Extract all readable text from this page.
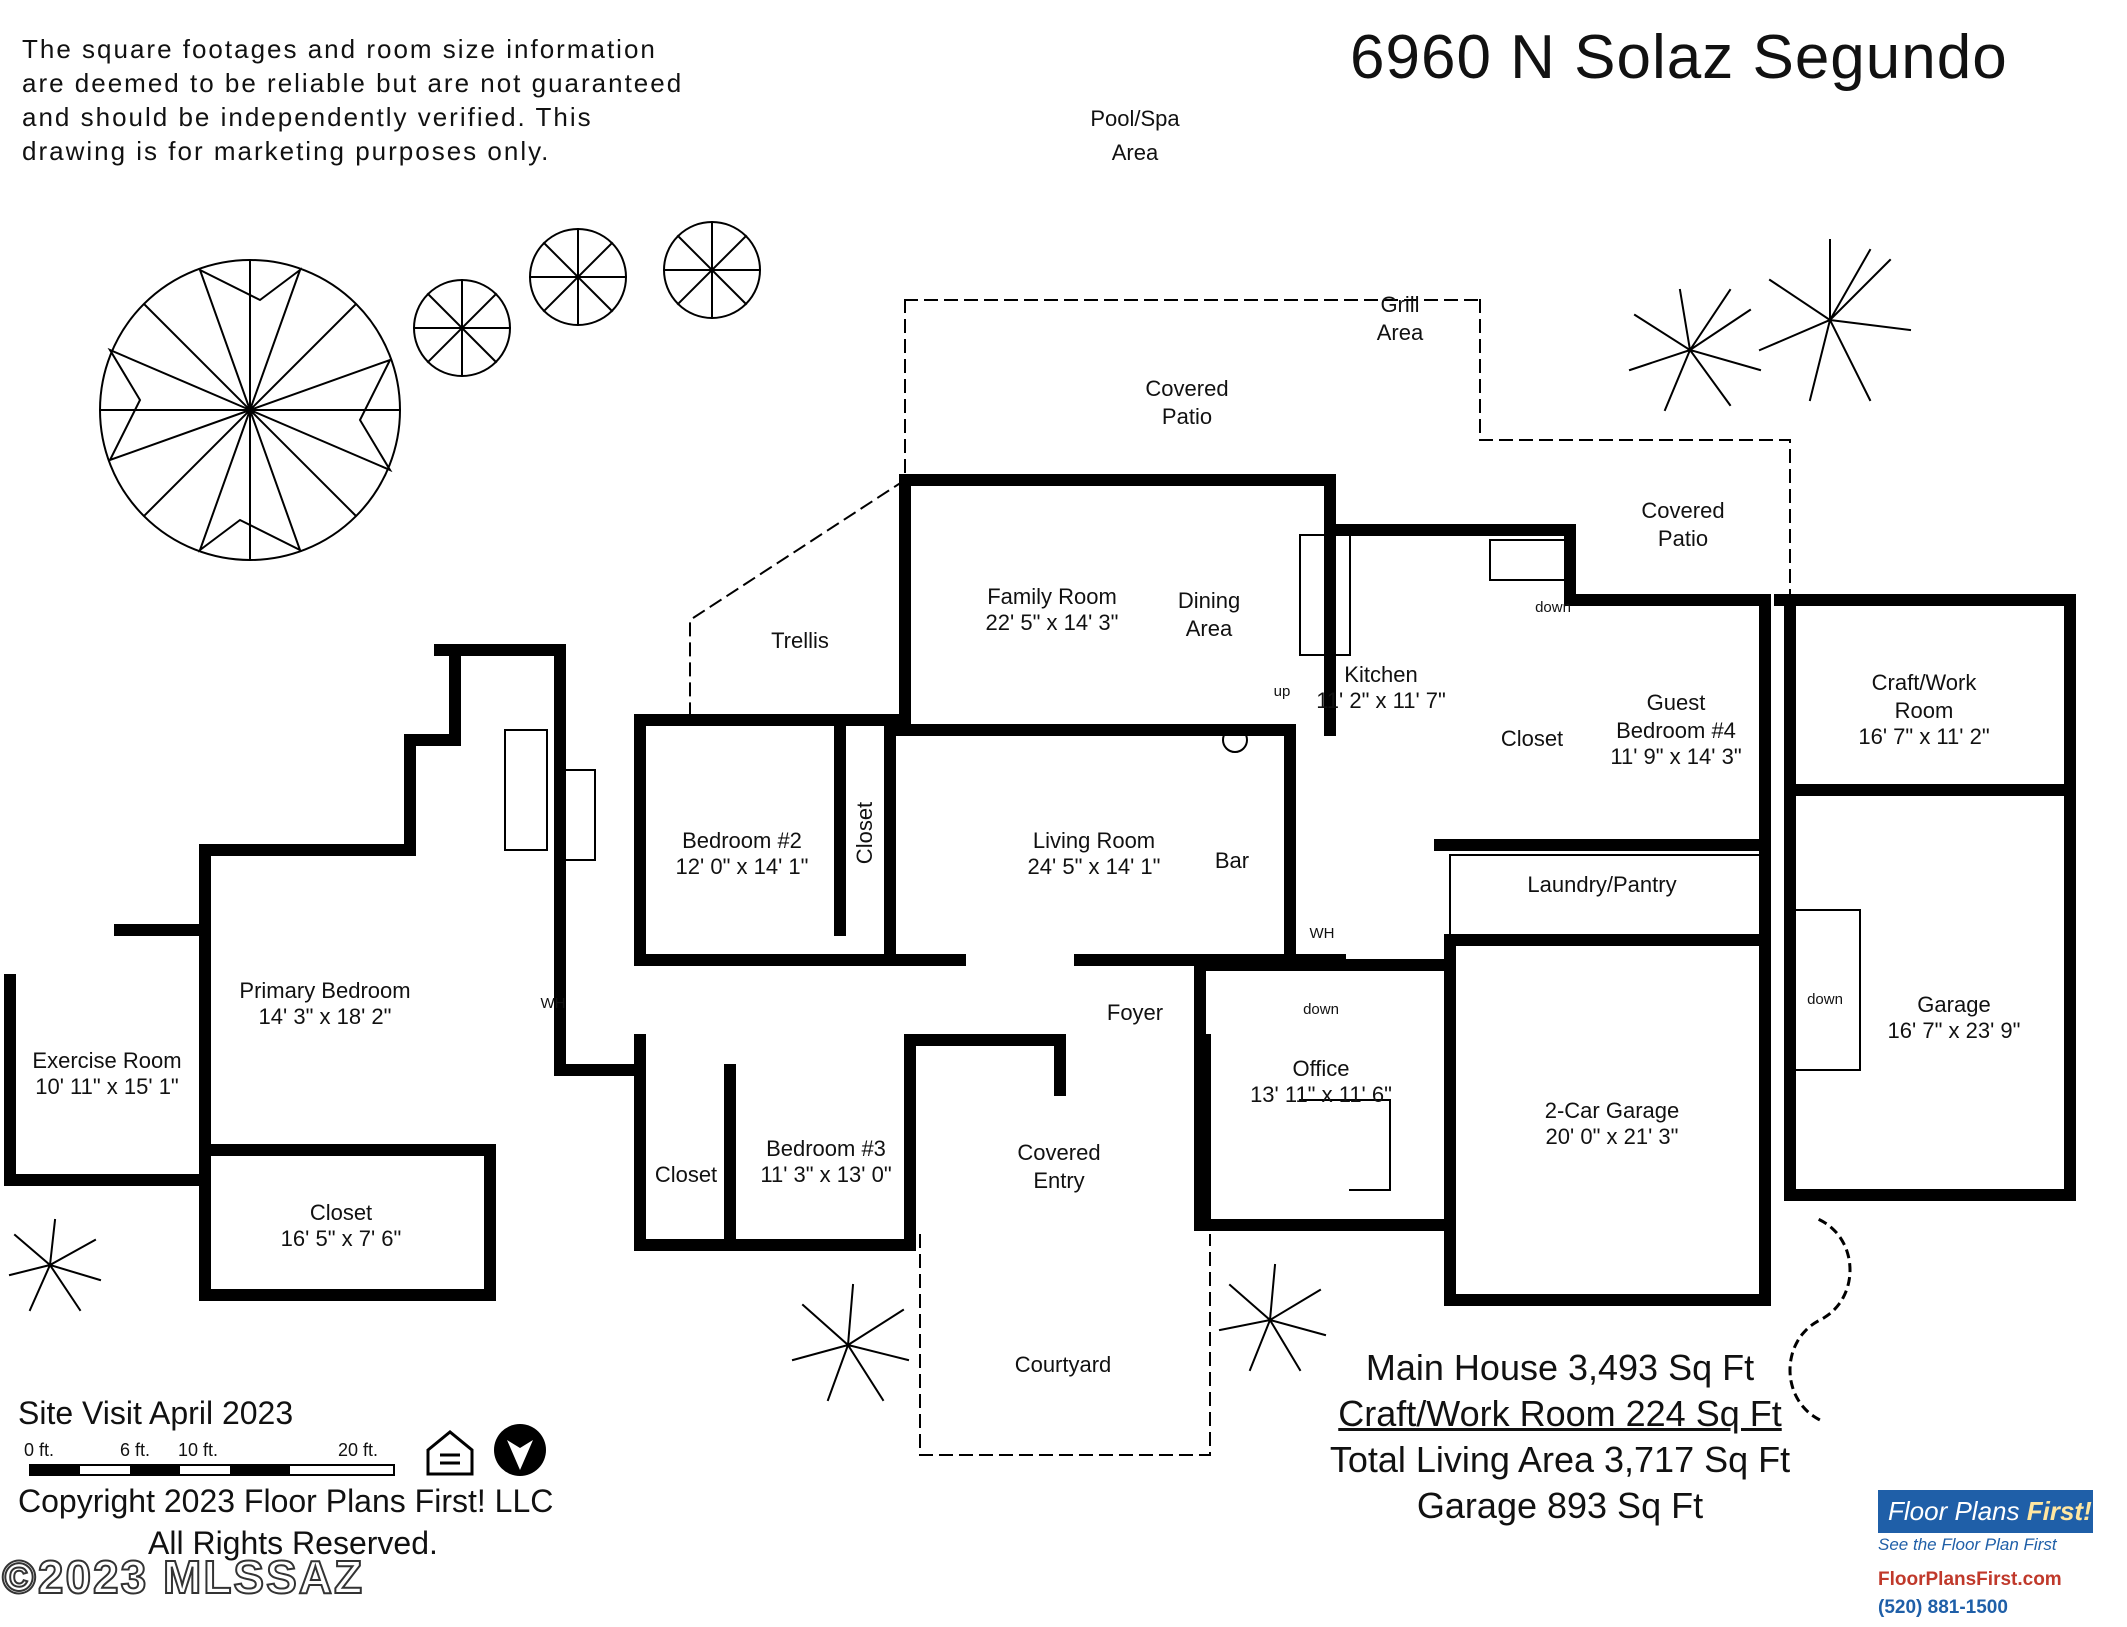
The square footages and room size information
are deemed to be reliable but are not guaranteed
and should be independently verified. This
drawing is for marketing purposes only.
6960 N Solaz Segundo
Pool/Spa
Area
Grill
Area
Covered
Patio
Covered
Patio
Trellis
Family Room
22' 5" x 14' 3"
Dining
Area
Kitchen
11' 2" x 11' 7"	Guest
Bedroom #4
11' 9" x 14' 3"
Craft/Work
Room
16' 7" x 11' 2"
Bedroom #2
12' 0" x 14' 1"
Living Room
24' 5" x 14' 1" Bar
Closet
Closet
Closet
Laundry/Pantry
Primary Bedroom
14' 3" x 18' 2"
Exercise Room
10' 11" x 15' 1"
Closet
16' 5" x 7' 6"
Foyer
Office
13' 11" x 11' 6"
2-Car Garage
20' 0" x 21' 3"
Garage
16' 7" x 23' 9"
Bedroom #3
11' 3" x 13' 0"
Covered
Entry
Courtyard
down
down
down
up
WH
WH
0 ft.	6 ft. 10 ft.	20 ft.
Main House 3,493 Sq Ft
Craft/Work Room 224 Sq Ft
Total Living Area 3,717 Sq Ft
Garage 893 Sq Ft
Site Visit April 2023
Copyright 2023 Floor Plans First! LLC
All Rights Reserved.
©2023 MLSSAZ
Floor Plans First!
See the Floor Plan First
FloorPlansFirst.com
(520) 881-1500
